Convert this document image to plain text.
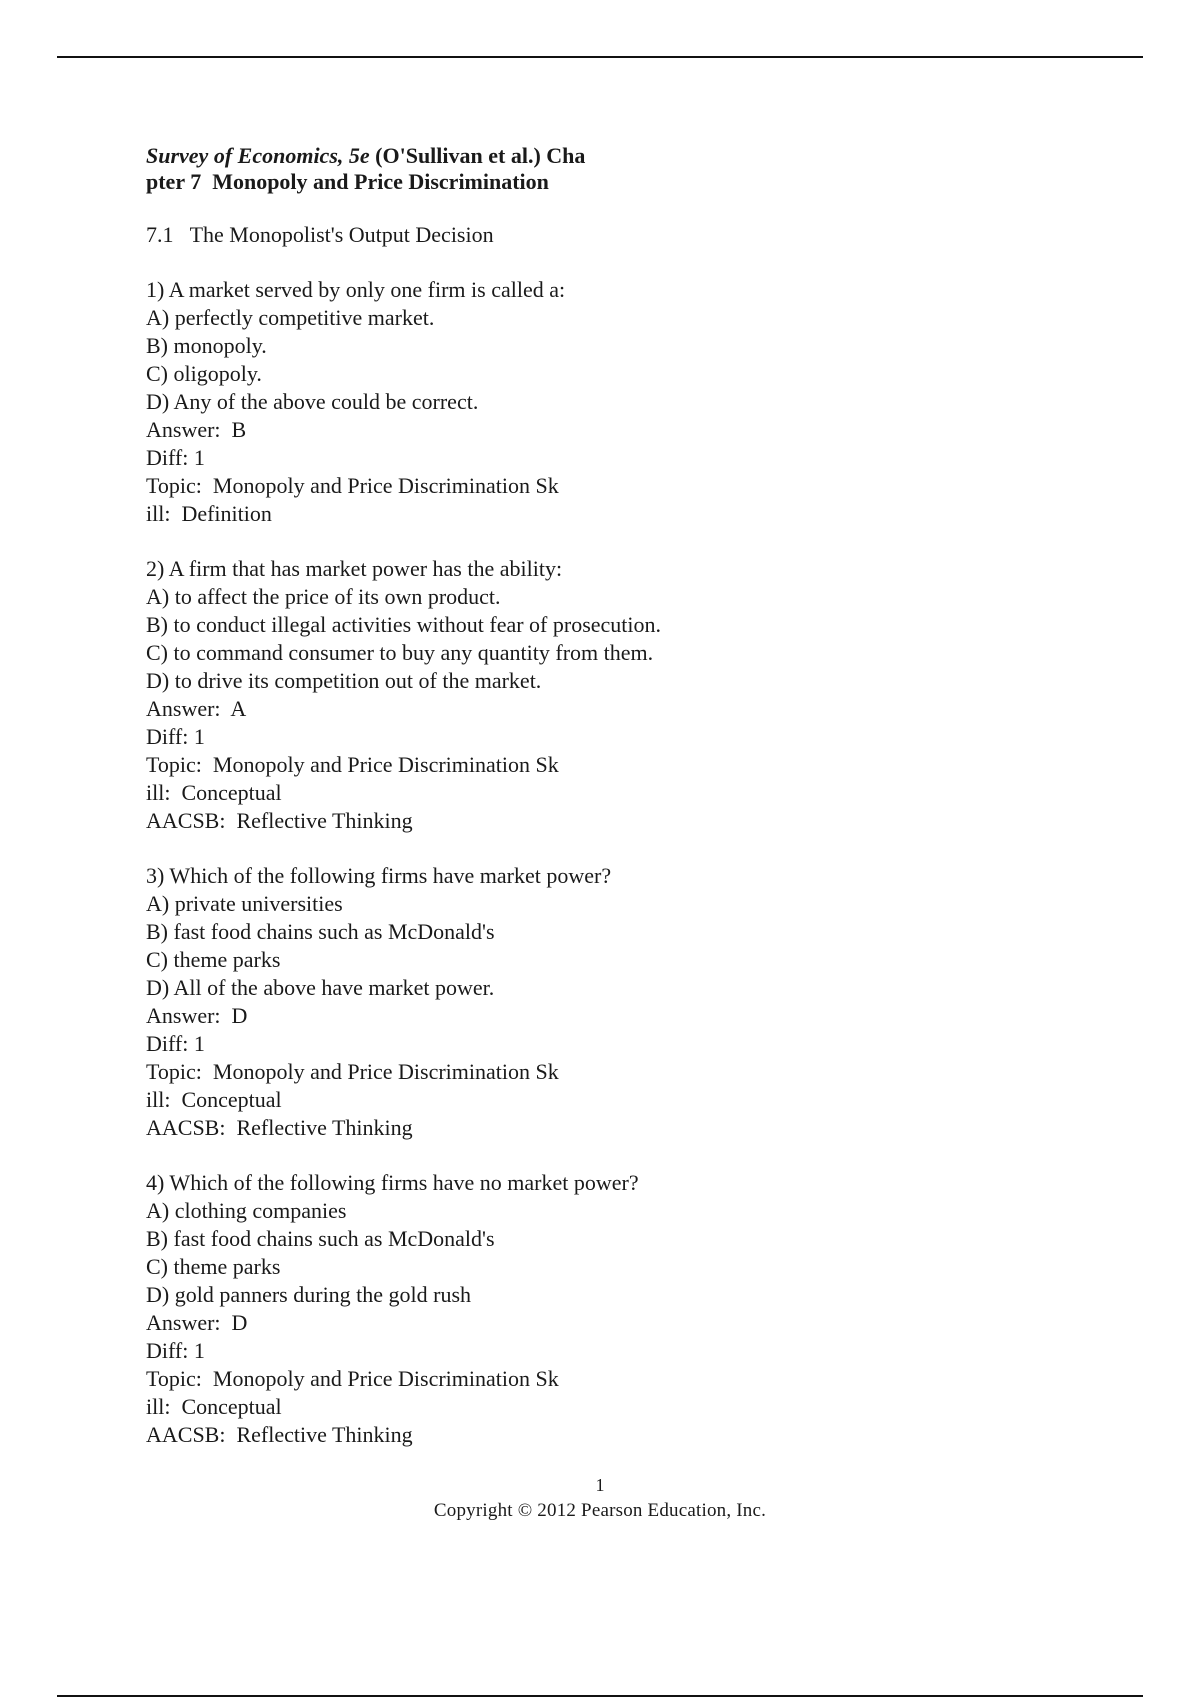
Survey of Economics, 5e (O'Sullivan et al.) Cha
pter 7  Monopoly and Price Discrimination

7.1   The Monopolist's Output Decision

1) A market served by only one firm is called a:

A) perfectly competitive market.

B) monopoly.

C) oligopoly.

D) Any of the above could be correct.

Answer:  B

Diff: 1

Topic:  Monopoly and Price Discrimination Sk

ill:  Definition

2) A firm that has market power has the ability:

A) to affect the price of its own product.

B) to conduct illegal activities without fear of prosecution.

C) to command consumer to buy any quantity from them.

D) to drive its competition out of the market.

Answer:  A

Diff: 1

Topic:  Monopoly and Price Discrimination Sk

ill:  Conceptual

AACSB:  Reflective Thinking

3) Which of the following firms have market power?

A) private universities

B) fast food chains such as McDonald's

C) theme parks

D) All of the above have market power.

Answer:  D

Diff: 1

Topic:  Monopoly and Price Discrimination Sk

ill:  Conceptual

AACSB:  Reflective Thinking

4) Which of the following firms have no market power?

A) clothing companies

B) fast food chains such as McDonald's

C) theme parks

D) gold panners during the gold rush

Answer:  D

Diff: 1

Topic:  Monopoly and Price Discrimination Sk

ill:  Conceptual

AACSB:  Reflective Thinking

1
Copyright © 2012 Pearson Education, Inc.
